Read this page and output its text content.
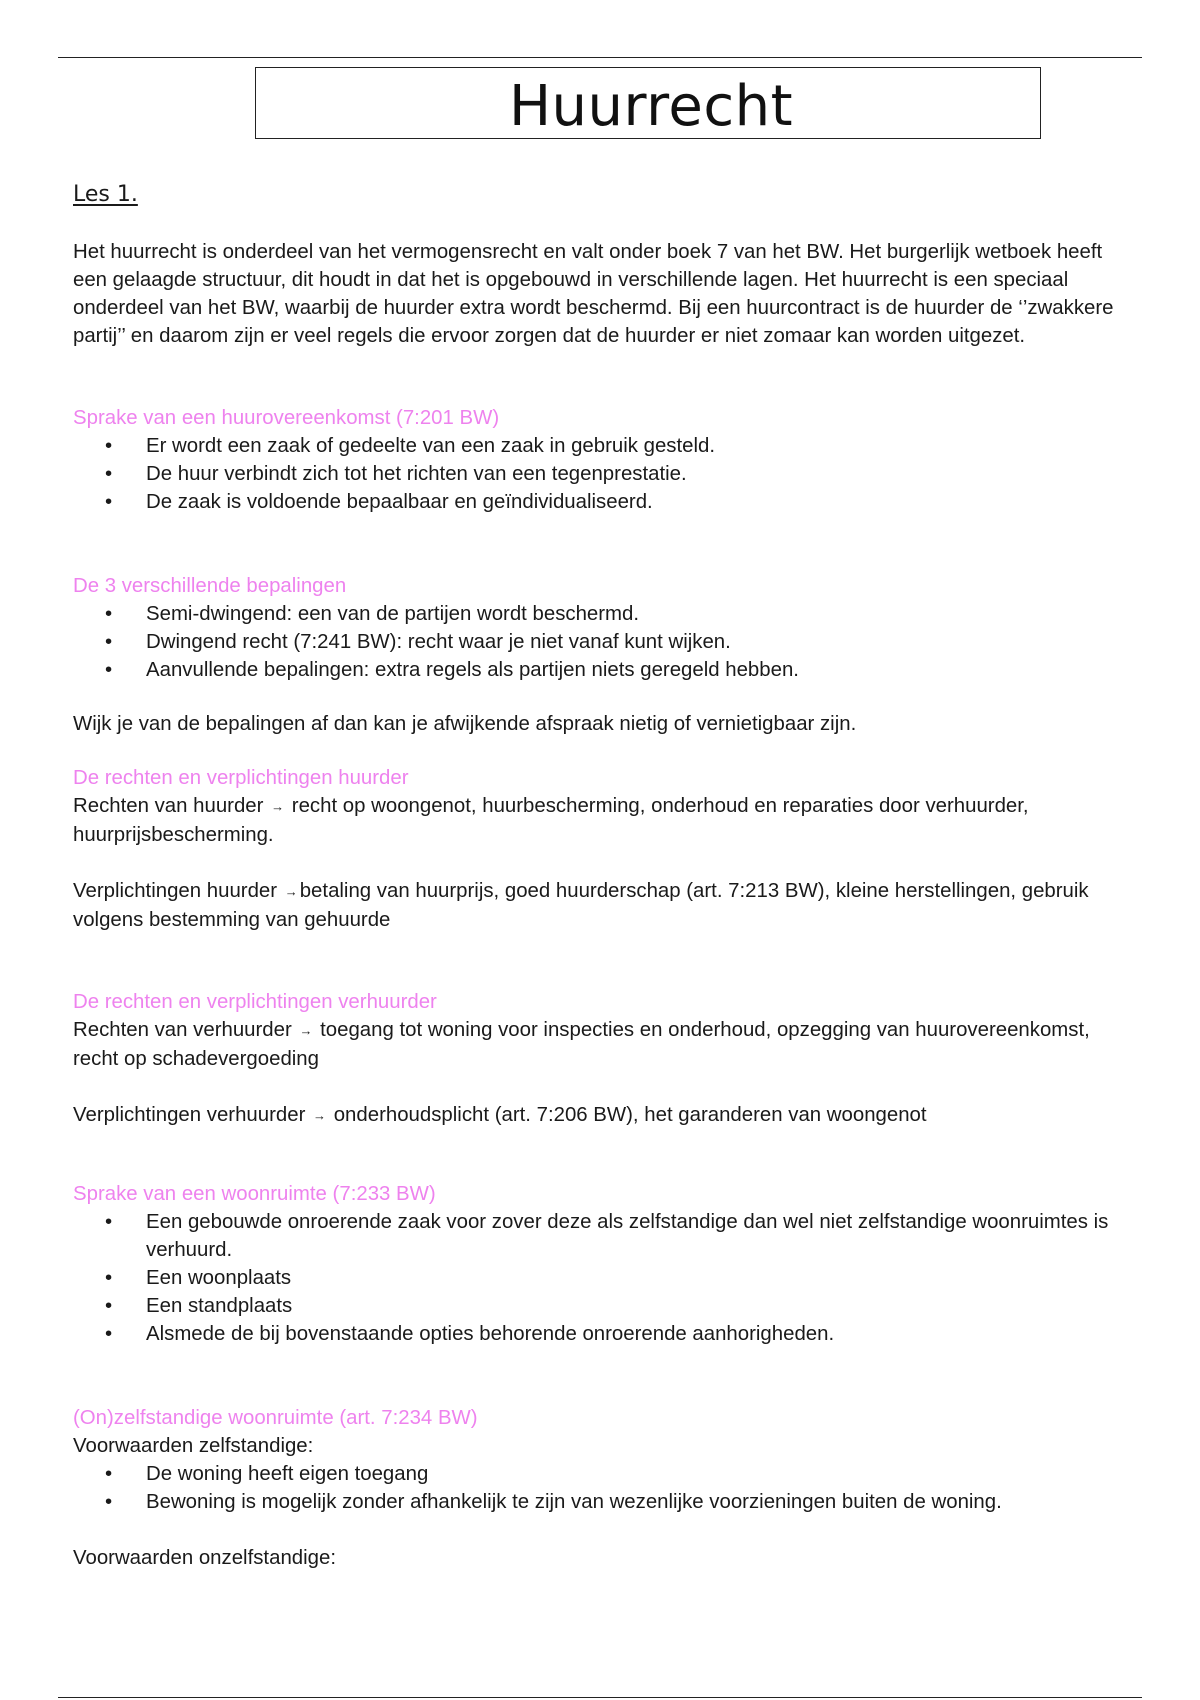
Huurrecht

Les 1.

Het huurrecht is onderdeel van het vermogensrecht en valt onder boek 7 van het BW. Het burgerlijk wetboek heeft een gelaagde structuur, dit houdt in dat het is opgebouwd in verschillende lagen. Het huurrecht is een speciaal onderdeel van het BW, waarbij de huurder extra wordt beschermd. Bij een huurcontract is de huurder de ‘’zwakkere partij’’ en daarom zijn er veel regels die ervoor zorgen dat de huurder er niet zomaar kan worden uitgezet.

Sprake van een huurovereenkomst (7:201 BW)

• Er wordt een zaak of gedeelte van een zaak in gebruik gesteld.
• De huur verbindt zich tot het richten van een tegenprestatie.
• De zaak is voldoende bepaalbaar en geïndividualiseerd.

De 3 verschillende bepalingen

• Semi-dwingend: een van de partijen wordt beschermd.
• Dwingend recht (7:241 BW): recht waar je niet vanaf kunt wijken.
• Aanvullende bepalingen: extra regels als partijen niets geregeld hebben.

Wijk je van de bepalingen af dan kan je afwijkende afspraak nietig of vernietigbaar zijn.

De rechten en verplichtingen huurder

Rechten van huurder → recht op woongenot, huurbescherming, onderhoud en reparaties door verhuurder, huurprijsbescherming.

Verplichtingen huurder →betaling van huurprijs, goed huurderschap (art. 7:213 BW), kleine herstellingen, gebruik volgens bestemming van gehuurde

De rechten en verplichtingen verhuurder

Rechten van verhuurder → toegang tot woning voor inspecties en onderhoud, opzegging van huurovereenkomst, recht op schadevergoeding

Verplichtingen verhuurder → onderhoudsplicht (art. 7:206 BW), het garanderen van woongenot

Sprake van een woonruimte (7:233 BW)

• Een gebouwde onroerende zaak voor zover deze als zelfstandige dan wel niet zelfstandige woonruimtes is verhuurd.
• Een woonplaats
• Een standplaats
• Alsmede de bij bovenstaande opties behorende onroerende aanhorigheden.

(On)zelfstandige woonruimte (art. 7:234 BW)

Voorwaarden zelfstandige:

• De woning heeft eigen toegang
• Bewoning is mogelijk zonder afhankelijk te zijn van wezenlijke voorzieningen buiten de woning.

Voorwaarden onzelfstandige:
